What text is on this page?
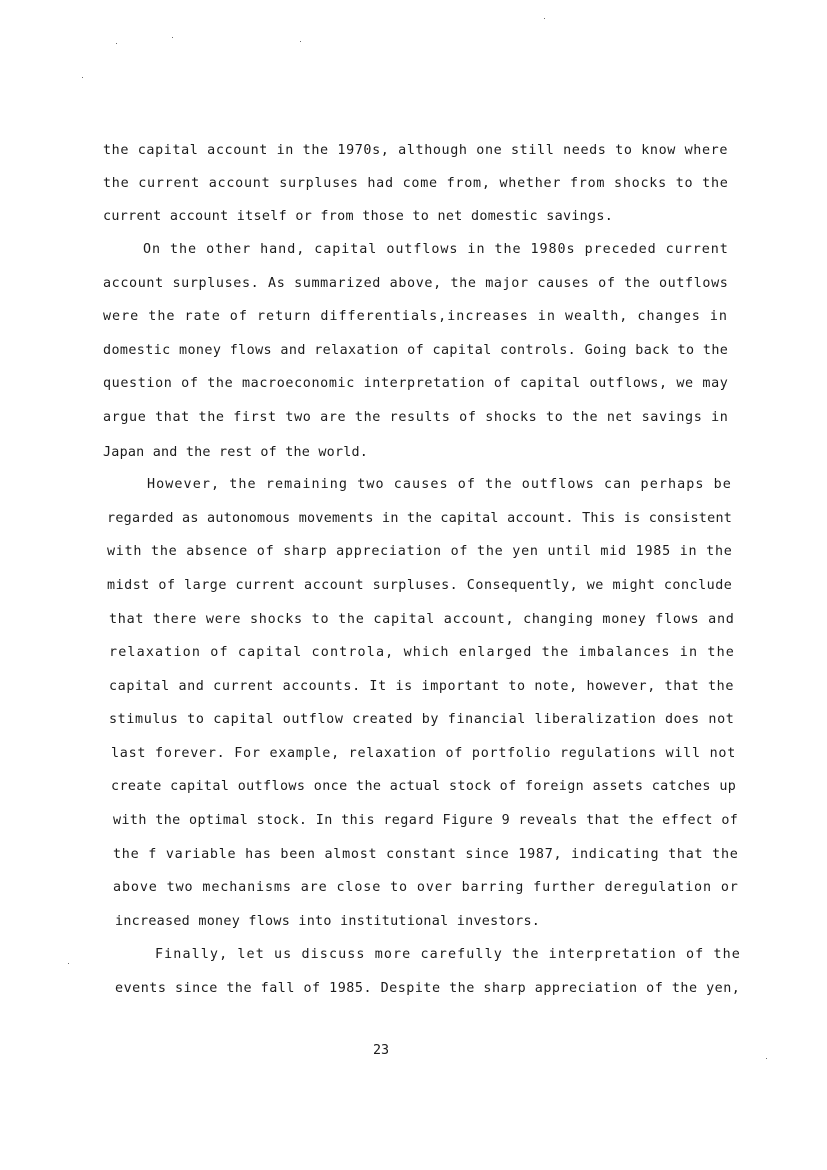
the capital account in the 1970s, although one still needs to know where
the current account surpluses had come from, whether from shocks to the
current account itself or from those to net domestic savings.
On the other hand, capital outflows in the 1980s preceded current
account surpluses. As summarized above, the major causes of the outflows
were the rate of return differentials,increases in wealth, changes in
domestic money flows and relaxation of capital controls. Going back to the
question of the macroeconomic interpretation of capital outflows, we may
argue that the first two are the results of shocks to the net savings in
Japan and the rest of the world.
However, the remaining two causes of the outflows can perhaps be
regarded as autonomous movements in the capital account. This is consistent
with the absence of sharp appreciation of the yen until mid 1985 in the
midst of large current account surpluses. Consequently, we might conclude
that there were shocks to the capital account, changing money flows and
relaxation of capital controla, which enlarged the imbalances in the
capital and current accounts. It is important to note, however, that the
stimulus to capital outflow created by financial liberalization does not
last forever. For example, relaxation of portfolio regulations will not
create capital outflows once the actual stock of foreign assets catches up
with the optimal stock. In this regard Figure 9 reveals that the effect of
the f variable has been almost constant since 1987, indicating that the
above two mechanisms are close to over barring further deregulation or
increased money flows into institutional investors.
Finally, let us discuss more carefully the interpretation of the
events since the fall of 1985. Despite the sharp appreciation of the yen,
23
